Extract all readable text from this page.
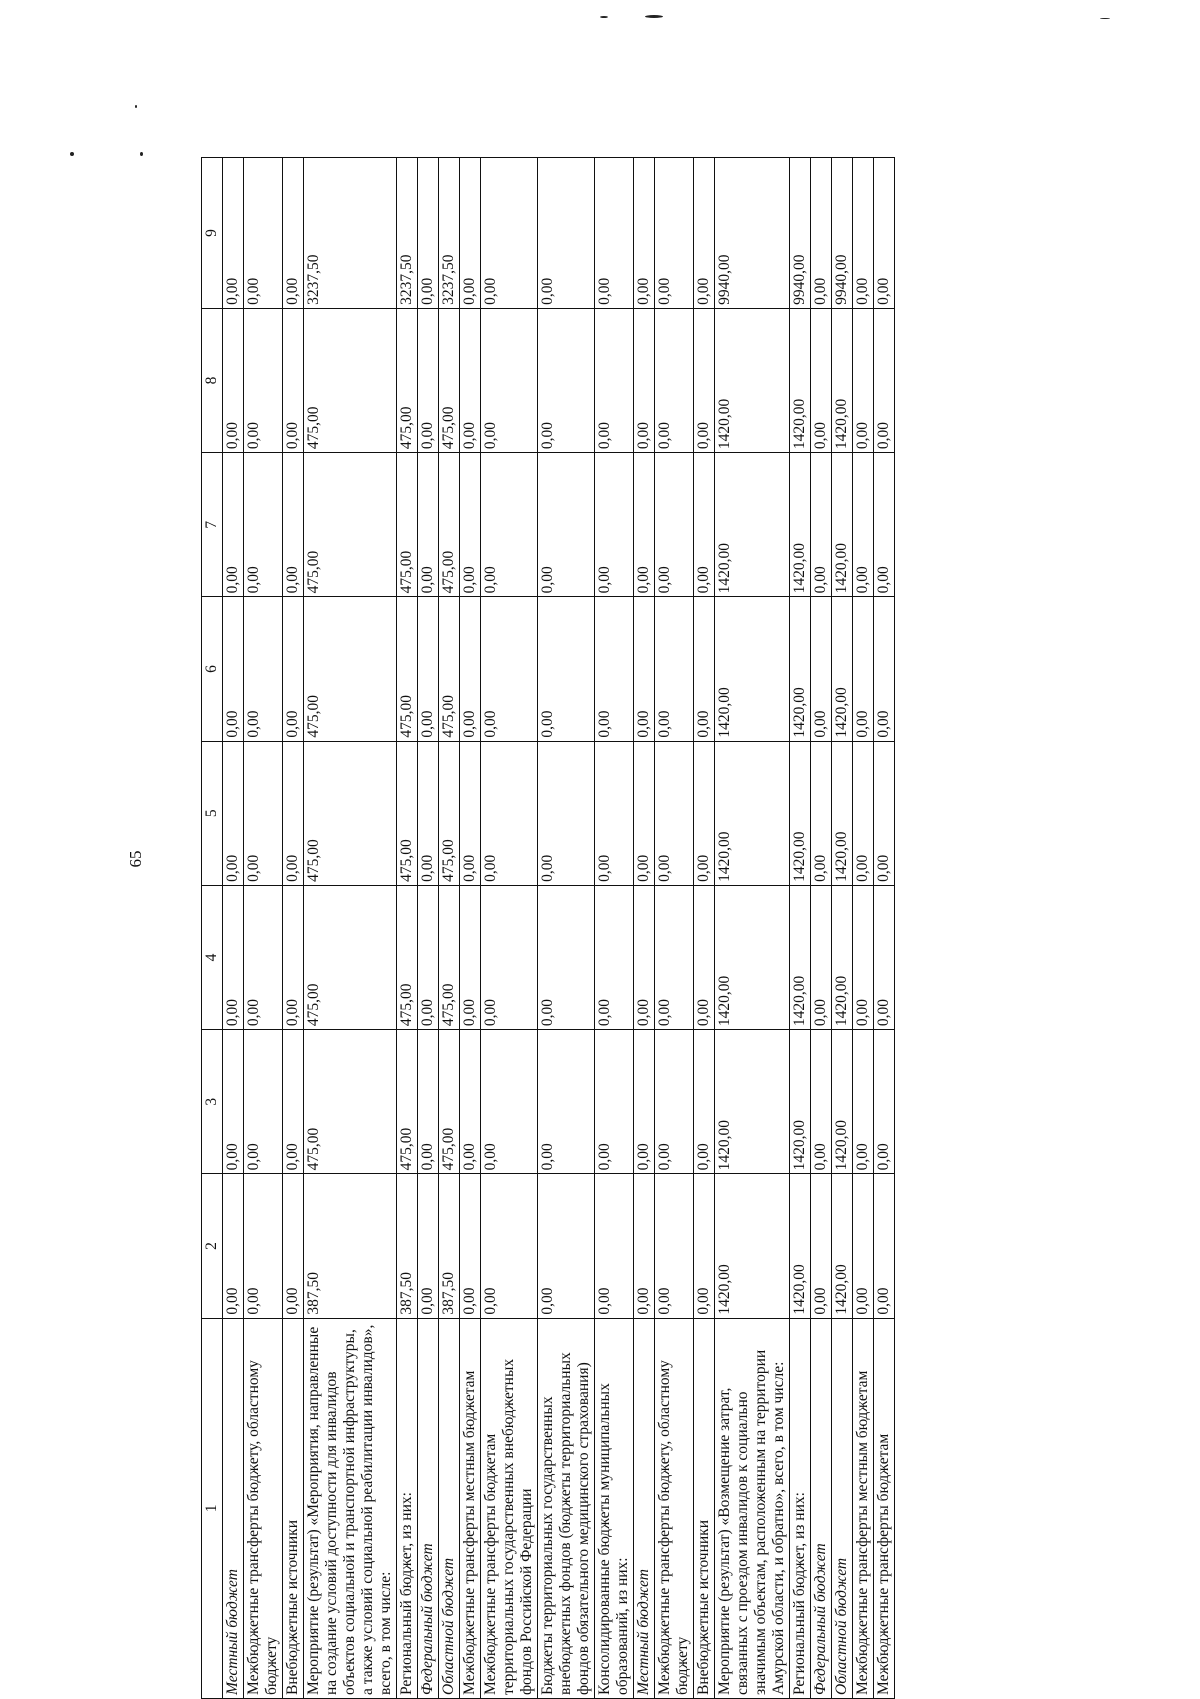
65
1	2	3	4	5	6	7	8	9
Местный бюджет	0,00	0,00	0,00	0,00	0,00	0,00	0,00	0,00
Межбюджетные трансферты бюджету, областному бюджету	0,00	0,00	0,00	0,00	0,00	0,00	0,00	0,00
Внебюджетные источники	0,00	0,00	0,00	0,00	0,00	0,00	0,00	0,00
Мероприятие (результат) «Мероприятия, направленные на создание условий доступности для инвалидов объектов социальной и транспортной инфраструктуры, а также условий социальной реабилитации инвалидов», всего, в том числе:	387,50	475,00	475,00	475,00	475,00	475,00	475,00	3237,50
Региональный бюджет, из них:	387,50	475,00	475,00	475,00	475,00	475,00	475,00	3237,50
Федеральный бюджет	0,00	0,00	0,00	0,00	0,00	0,00	0,00	0,00
Областной бюджет	387,50	475,00	475,00	475,00	475,00	475,00	475,00	3237,50
Межбюджетные трансферты местным бюджетам	0,00	0,00	0,00	0,00	0,00	0,00	0,00	0,00
Межбюджетные трансферты бюджетам территориальных государственных внебюджетных фондов Российской Федерации	0,00	0,00	0,00	0,00	0,00	0,00	0,00	0,00
Бюджеты территориальных государственных внебюджетных фондов (бюджеты территориальных фондов обязательного медицинского страхования)	0,00	0,00	0,00	0,00	0,00	0,00	0,00	0,00
Консолидированные бюджеты муниципальных образований, из них:	0,00	0,00	0,00	0,00	0,00	0,00	0,00	0,00
Местный бюджет	0,00	0,00	0,00	0,00	0,00	0,00	0,00	0,00
Межбюджетные трансферты бюджету, областному бюджету	0,00	0,00	0,00	0,00	0,00	0,00	0,00	0,00
Внебюджетные источники	0,00	0,00	0,00	0,00	0,00	0,00	0,00	0,00
Мероприятие (результат) «Возмещение затрат, связанных с проездом инвалидов к социально значимым объектам, расположенным на территории Амурской области, и обратно», всего, в том числе:	1420,00	1420,00	1420,00	1420,00	1420,00	1420,00	1420,00	9940,00
Региональный бюджет, из них:	1420,00	1420,00	1420,00	1420,00	1420,00	1420,00	1420,00	9940,00
Федеральный бюджет	0,00	0,00	0,00	0,00	0,00	0,00	0,00	0,00
Областной бюджет	1420,00	1420,00	1420,00	1420,00	1420,00	1420,00	1420,00	9940,00
Межбюджетные трансферты местным бюджетам	0,00	0,00	0,00	0,00	0,00	0,00	0,00	0,00
Межбюджетные трансферты бюджетам	0,00	0,00	0,00	0,00	0,00	0,00	0,00	0,00
